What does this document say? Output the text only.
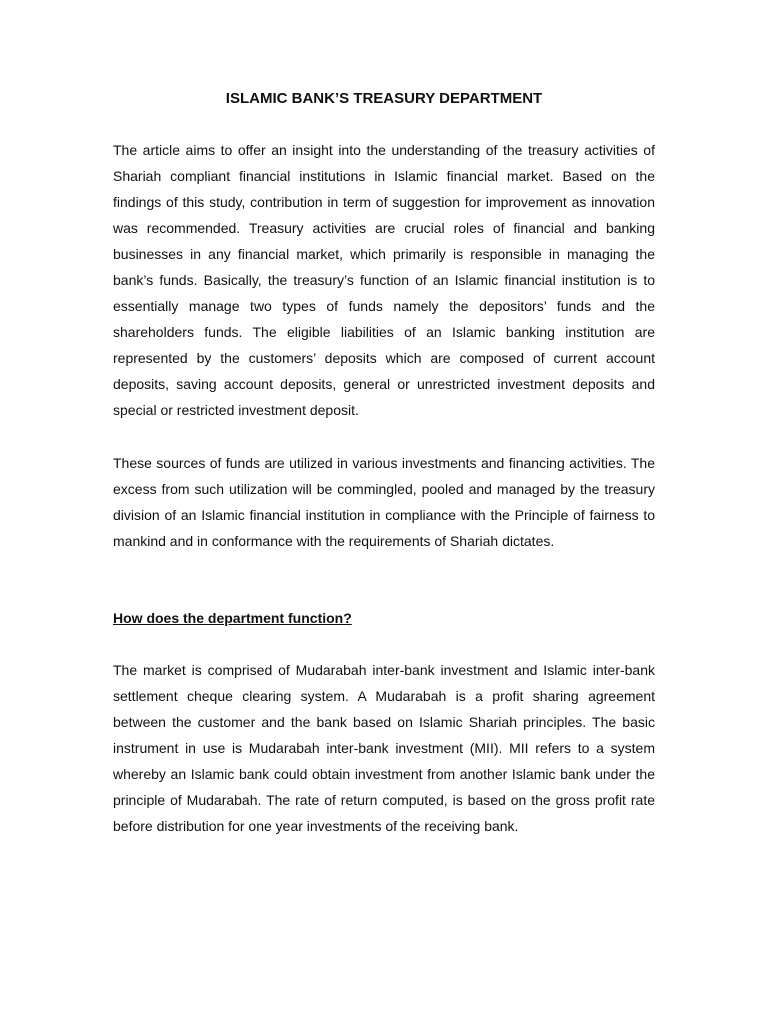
ISLAMIC BANK’S TREASURY DEPARTMENT

The article aims to offer an insight into the understanding of the treasury activities of Shariah compliant financial institutions in Islamic financial market. Based on the findings of this study, contribution in term of suggestion for improvement as innovation was recommended. Treasury activities are crucial roles of financial and banking businesses in any financial market, which primarily is responsible in managing the bank’s funds. Basically, the treasury’s function of an Islamic financial institution is to essentially manage two types of funds namely the depositors’ funds and the shareholders funds. The eligible liabilities of an Islamic banking institution are represented by the customers’ deposits which are composed of current account deposits, saving account deposits, general or unrestricted investment deposits and special or restricted investment deposit.

These sources of funds are utilized in various investments and financing activities. The excess from such utilization will be commingled, pooled and managed by the treasury division of an Islamic financial institution in compliance with the Principle of fairness to mankind and in conformance with the requirements of Shariah dictates.

How does the department function?

The market is comprised of Mudarabah inter-bank investment and Islamic inter-bank settlement cheque clearing system. A Mudarabah is a profit sharing agreement between the customer and the bank based on Islamic Shariah principles. The basic instrument in use is Mudarabah inter-bank investment (MII). MII refers to a system whereby an Islamic bank could obtain investment from another Islamic bank under the principle of Mudarabah. The rate of return computed, is based on the gross profit rate before distribution for one year investments of the receiving bank.
